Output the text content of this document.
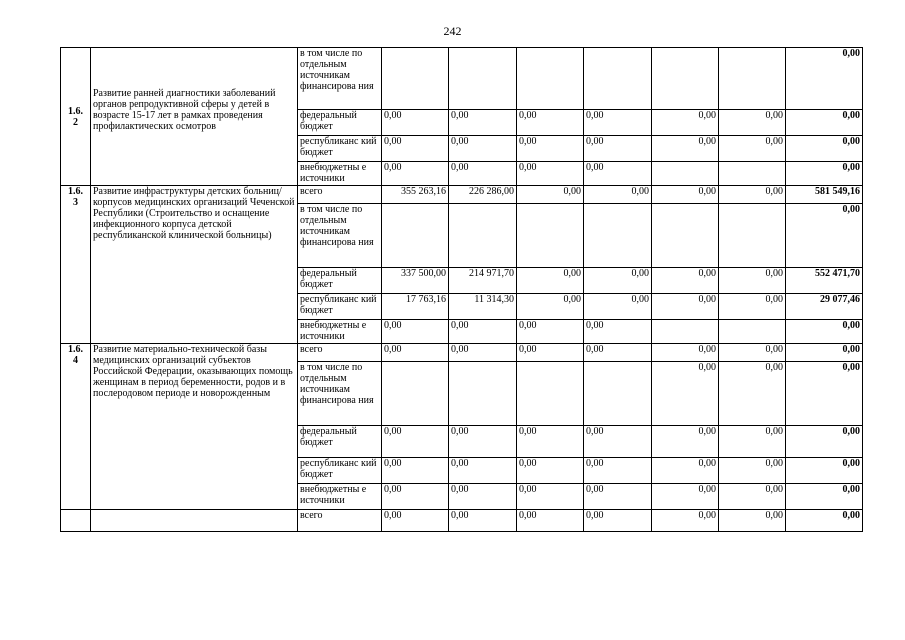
242
1.6.
2	Развитие ранней диагностики заболеваний органов репродуктивной сферы у детей в возрасте 15-17 лет в рамках проведения профилактических осмотров	в том числе по отдельным источникам финансирова ния							0,00
		федеральный бюджет	0,00	0,00	0,00	0,00	0,00	0,00	0,00
		республиканс кий бюджет	0,00	0,00	0,00	0,00	0,00	0,00	0,00
		внебюджетны е источники	0,00	0,00	0,00	0,00			0,00
1.6.
3	Развитие инфраструктуры детских больниц/корпусов медицинских организаций Чеченской Республики (Строительство и оснащение инфекционного корпуса детской республиканской клинической больницы)	всего	355 263,16	226 286,00	0,00	0,00	0,00	0,00	581 549,16
		в том числе по отдельным источникам финансирова ния							0,00
		федеральный бюджет	337 500,00	214 971,70	0,00	0,00	0,00	0,00	552 471,70
		республиканс кий бюджет	17 763,16	11 314,30	0,00	0,00	0,00	0,00	29 077,46
		внебюджетны е источники	0,00	0,00	0,00	0,00			0,00
1.6.
4	Развитие материально-технической базы медицинских организаций субъектов Российской Федерации, оказывающих помощь женщинам в период беременности, родов и в послеродовом периоде и новорожденным	всего	0,00	0,00	0,00	0,00	0,00	0,00	0,00
		в том числе по отдельным источникам финансирова ния					0,00	0,00	0,00
		федеральный бюджет	0,00	0,00	0,00	0,00	0,00	0,00	0,00
		республиканс кий бюджет	0,00	0,00	0,00	0,00	0,00	0,00	0,00
		внебюджетны е источники	0,00	0,00	0,00	0,00	0,00	0,00	0,00
		всего	0,00	0,00	0,00	0,00	0,00	0,00	0,00
